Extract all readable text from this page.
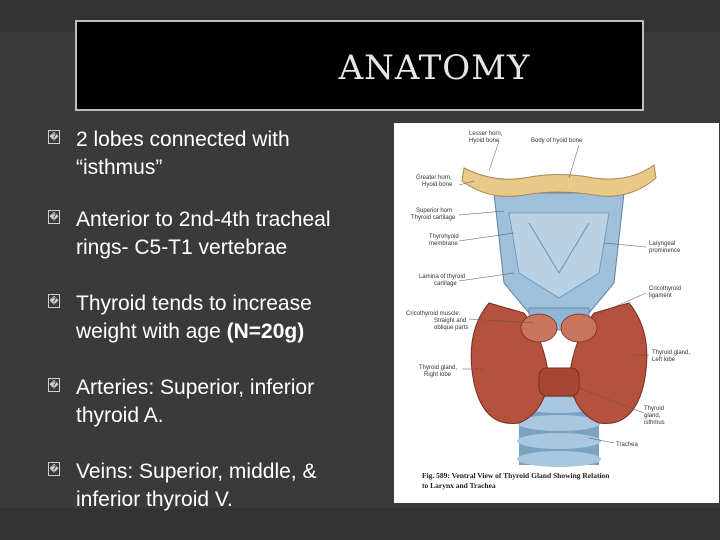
ANATOMY
� 2 lobes connected with
“isthmus”
� Anterior to 2nd-4th tracheal
rings- C5-T1 vertebrae
� Thyroid tends to increase
weight with age (N=20g)
� Arteries: Superior, inferior
thyroid A.
� Veins: Superior, middle, &
inferior thyroid V.
Lesser horn,
Hyoid bone	Body of hyoid bone
Greater horn,
Hyoid bone
Superior horn
Thyroid cartilage
Thyrohyoid
membrane	Laryngeal
prominence
Lamina of thyroid
cartilage
Cricothyroid
ligament
Cricothyroid muscle:
Straight and
oblique parts
Thyroid gland,
Left lobe
Thyroid gland,
Right lobe
Thyroid
gland,
isthmus
Trachea
Fig. 589: Ventral View of Thyroid Gland Showing Relation
to Larynx and Trachea
